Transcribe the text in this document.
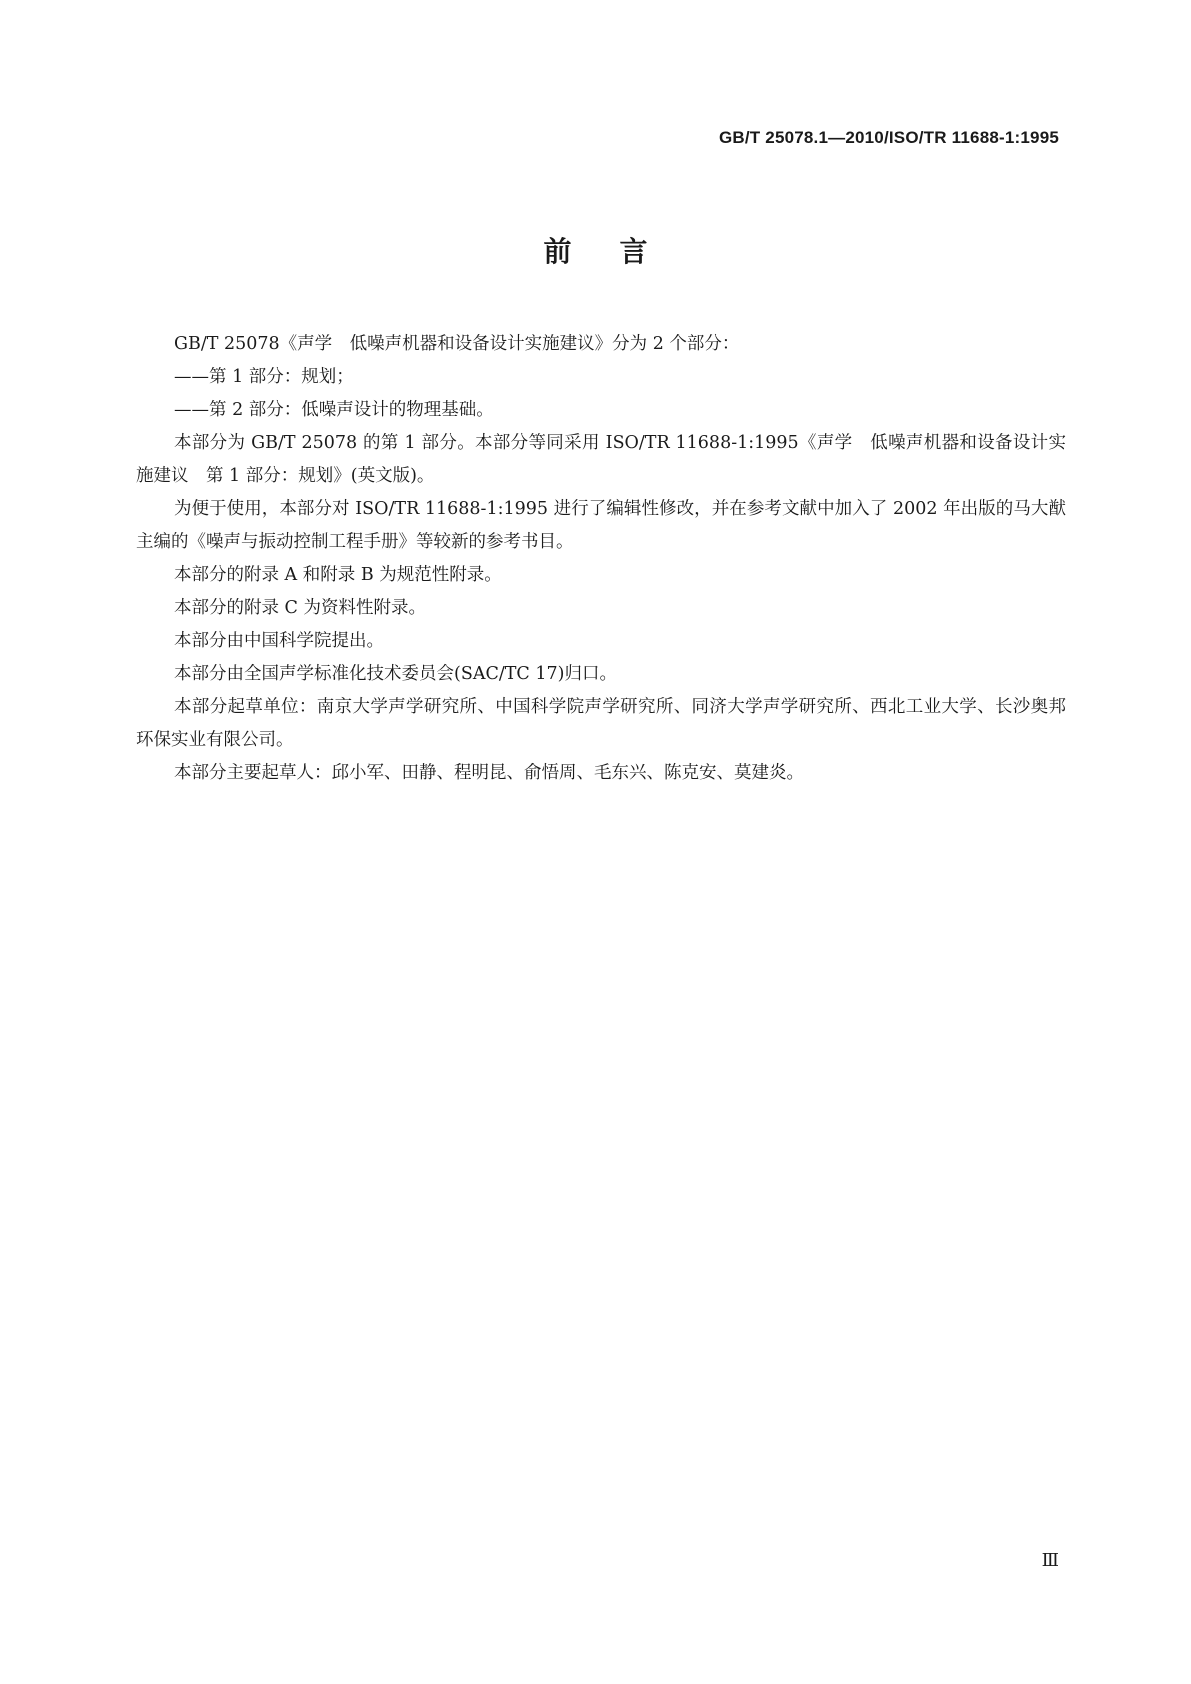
GB/T 25078.1—2010/ISO/TR 11688-1:1995
前言

GB/T 25078《声学　低噪声机器和设备设计实施建议》分为 2 个部分：

——第 1 部分：规划；

——第 2 部分：低噪声设计的物理基础。

本部分为 GB/T 25078 的第 1 部分。本部分等同采用 ISO/TR 11688-1:1995《声学　低噪声机器和设备设计实施建议　第 1 部分：规划》(英文版)。

为便于使用，本部分对 ISO/TR 11688-1:1995 进行了编辑性修改，并在参考文献中加入了 2002 年出版的马大猷主编的《噪声与振动控制工程手册》等较新的参考书目。

本部分的附录 A 和附录 B 为规范性附录。

本部分的附录 C 为资料性附录。

本部分由中国科学院提出。

本部分由全国声学标准化技术委员会(SAC/TC 17)归口。

本部分起草单位：南京大学声学研究所、中国科学院声学研究所、同济大学声学研究所、西北工业大学、长沙奥邦环保实业有限公司。

本部分主要起草人：邱小军、田静、程明昆、俞悟周、毛东兴、陈克安、莫建炎。

Ⅲ
